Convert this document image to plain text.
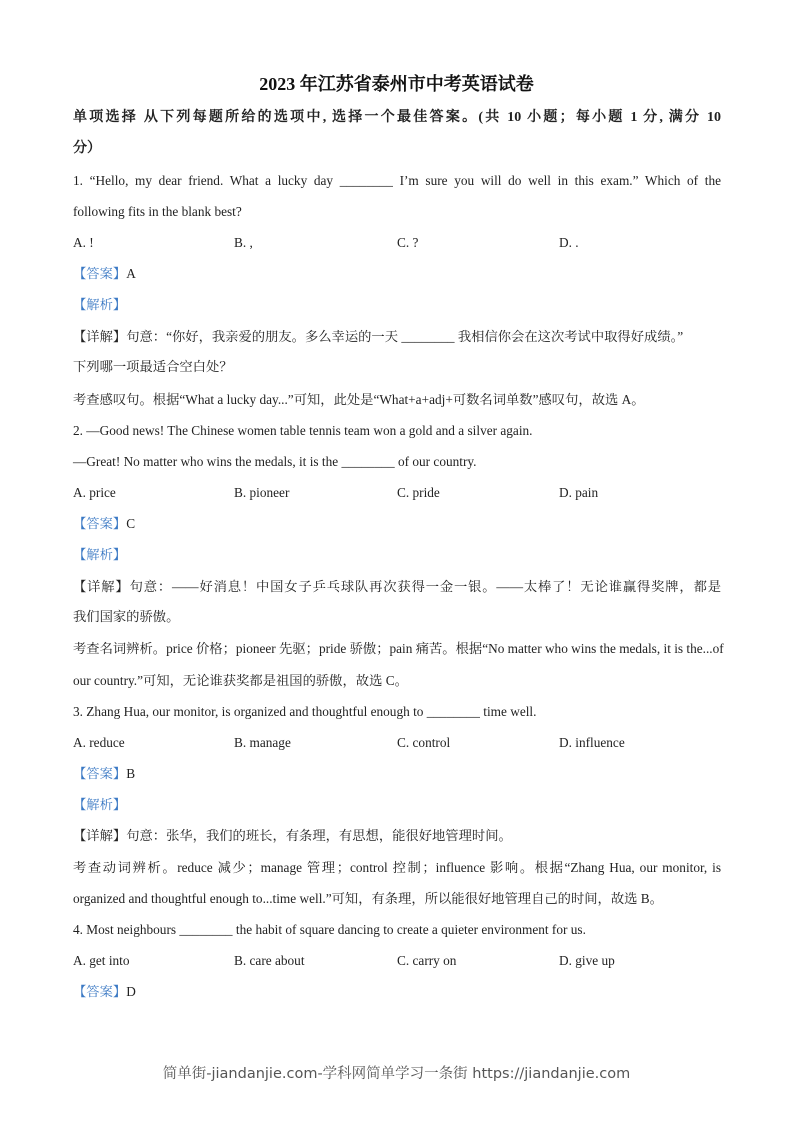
2023 年江苏省泰州市中考英语试卷
单项选择 从下列每题所给的选项中, 选择一个最佳答案。(共 10 小题；每小题 1 分, 满分 10
分）
1. “Hello, my dear friend. What a lucky day ________ I’m sure you will do well in this exam.” Which of the
following fits in the blank best?
A. !	B. ,	C. ?	D. .
【答案】A
【解析】
【详解】句意：“你好，我亲爱的朋友。多么幸运的一天 ________ 我相信你会在这次考试中取得好成绩。”
下列哪一项最适合空白处？
考查感叹句。根据“What a lucky day...”可知，此处是“What+a+adj+可数名词单数”感叹句，故选 A。
2. —Good news! The Chinese women table tennis team won a gold and a silver again.
—Great! No matter who wins the medals, it is the ________ of our country.
A. price	B. pioneer	C. pride	D. pain
【答案】C
【解析】
【详解】句意：——好消息！中国女子乒乓球队再次获得一金一银。——太棒了！无论谁赢得奖牌，都是
我们国家的骄傲。
考查名词辨析。price 价格；pioneer 先驱；pride 骄傲；pain 痛苦。根据“No matter who wins the medals, it is the...of
our country.”可知，无论谁获奖都是祖国的骄傲，故选 C。
3. Zhang Hua, our monitor, is organized and thoughtful enough to ________ time well.
A. reduce	B. manage	C. control	D. influence
【答案】B
【解析】
【详解】句意：张华，我们的班长，有条理，有思想，能很好地管理时间。
考查动词辨析。reduce 减少；manage 管理；control 控制；influence 影响。根据“Zhang Hua, our monitor, is
organized and thoughtful enough to...time well.”可知，有条理，所以能很好地管理自己的时间，故选 B。
4. Most neighbours ________ the habit of square dancing to create a quieter environment for us.
A. get into	B. care about	C. carry on	D. give up
【答案】D
简单街-jiandanjie.com-学科网简单学习一条街 https://jiandanjie.com
